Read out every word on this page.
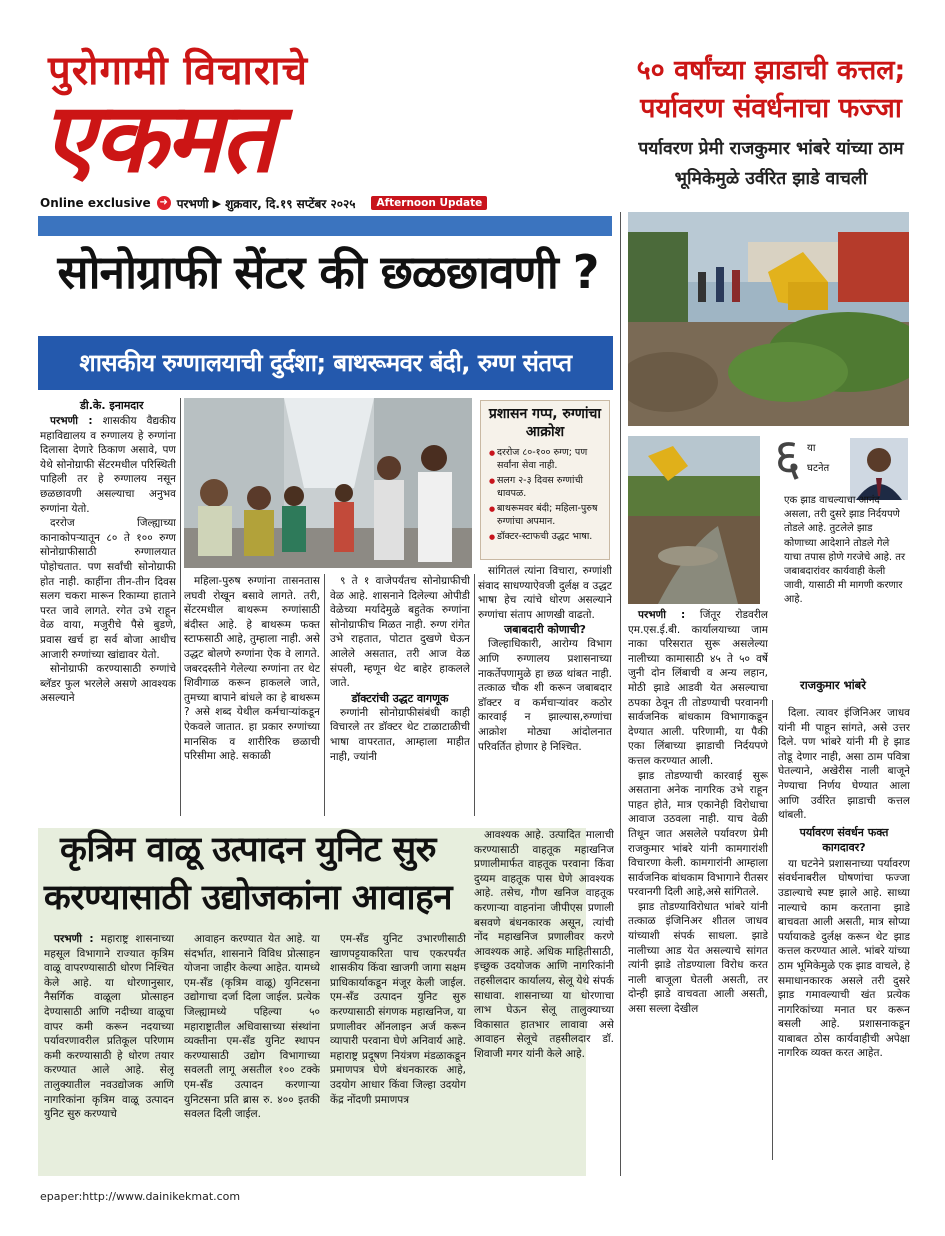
पुरोगामी विचाराचे
एकमत
Online exclusive ➜ परभणी ▶ शुक्रवार, दि.१९ सप्टेंबर २०२५	Afternoon Update
सोनोग्राफी सेंटर की छळछावणी ?
शासकीय रुग्णालयाची दुर्दशा; बाथरूमवर बंदी, रुग्ण संतप्त
५० वर्षांच्या झाडाची कत्तल; पर्यावरण संवर्धनाचा फज्जा
पर्यावरण प्रेमी राजकुमार भांबरे यांच्या ठाम भूमिकेमुळे उर्वरित झाडे वाचली
६ या घटनेत
एक झाड वाचल्याचा आनंद असला, तरी दुसरे झाड निर्दयपणे तोडले आहे. तुटलेले झाड कोणाच्या आदेशाने तोडले गेले याचा तपास होणे गरजेचे आहे. तर जबाबदारांवर कार्यवाही केली जावी, यासाठी मी मागणी करणार आहे.
राजकुमार भांबरे

परभणी : जिंतूर रोडवरील एम.एस.ई.बी. कार्यालयाच्या जाम नाका परिसरात सुरू असलेल्या नालीच्या कामासाठी ४५ ते ५० वर्षे जुनी दोन लिंबाची व अन्य लहान, मोठी झाडे आडवी येत असल्याचा ठपका ठेवून ती तोडण्याची परवानगी सार्वजनिक बांधकाम विभागाकडून देण्यात आली. परिणामी, या पैकी एका लिंबाच्या झाडाची निर्दयपणे कत्तल करण्यात आली.

झाड तोडण्याची कारवाई सुरू असताना अनेक नागरिक उभे राहून पाहत होते, मात्र एकानेही विरोधाचा आवाज उठवला नाही. याच वेळी तिथून जात असलेले पर्यावरण प्रेमी राजकुमार भांबरे यांनी कामगारांशी विचारणा केली. कामगारांनी आम्हाला सार्वजनिक बांधकाम विभागाने रीतसर परवानगी दिली आहे,असे सांगितले.

झाड तोडण्याविरोधात भांबरे यांनी तत्काळ इंजिनिअर शीतल जाधव यांच्याशी संपर्क साधला. झाडे नालीच्या आड येत असल्याचे सांगत त्यांनी झाडे तोडण्याला विरोध करत नाली बाजूला घेतली असती, तर दोन्ही झाडे वाचवता आली असती, असा सल्ला देखील

दिला. त्यावर इंजिनिअर जाधव यांनी मी पाहून सांगते, असे उत्तर दिले. पण भांबरे यांनी मी हे झाड तोडू देणार नाही, असा ठाम पवित्रा घेतल्याने, अखेरीस नाली बाजूने नेण्याचा निर्णय घेण्यात आला आणि उर्वरित झाडाची कत्तल थांबली.

पर्यावरण संवर्धन फक्त कागदावर?

या घटनेने प्रशासनाच्या पर्यावरण संवर्धनाबरील घोषणांचा फज्जा उडाल्याचे स्पष्ट झाले आहे. साध्या नाल्याचे काम करताना झाडे बाचवता आली असती, मात्र सोप्या पर्यायाकडे दुर्लक्ष करून थेट झाड कत्तल करण्यात आले. भांबरे यांच्या ठाम भूमिकेमुळे एक झाड वाचले, हे समाधानकारक असले तरी दुसरे झाड गमावल्याची खंत प्रत्येक नागरिकांच्या मनात घर करून बसली आहे. प्रशासनाकडून याबाबत ठोस कार्यवाहीची अपेक्षा नागरिक व्यक्त करत आहेत.

डी.के. इनामदार

परभणी : शासकीय वैद्यकीय महाविद्यालय व रुग्णालय हे रुग्णांना दिलासा देणारे ठिकाण असावे, पण येथे सोनोग्राफी सेंटरमधील परिस्थिती पाहिली तर हे रुग्णालय नसून छळछावणी असल्याचा अनुभव रुग्णांना येतो.

दररोज जिल्ह्याच्या कानाकोपऱ्यातून ८० ते १०० रुग्ण सोनोग्राफीसाठी रुग्णालयात पोहोचतात. पण सर्वांची सोनोग्राफी होत नाही. काहींना तीन-तीन दिवस सलग चकरा मारून रिकाम्या हाताने परत जावे लागते. रगेत उभे राहून वेळ वाया, मजुरीचे पैसे बुडणे, प्रवास खर्च हा सर्व बोजा आधीच आजारी रुग्णांच्या खांद्यावर येतो.

सोनोग्राफी करण्यासाठी रुग्णांचे ब्लॅडर फुल भरलेले असणे आवश्यक असल्याने

प्रशासन गप्प, रुग्णांचा आक्रोश
● दररोज ८०-१०० रुग्ण; पण सर्वांना सेवा नाही.
● सलग २-३ दिवस रुग्णांची धावपळ.
● बाथरूमवर बंदी; महिला-पुरुष रुग्णांचा अपमान.
● डॉक्टर-स्टाफची उद्धट भाषा.

महिला-पुरुष रुग्णांना तासनतास लघवी रोखून बसावे लागते. तरी, सेंटरमधील बाथरूम रुग्णांसाठी बंदीस्त आहे. हे बाथरूम फक्त स्टाफसाठी आहे, तुम्हाला नाही. असे उद्धट बोलणे रुग्णांना ऐक वे लागते. जबरदस्तीने गेलेल्या रुग्णांना तर थेट शिवीगाळ करून हाकलले जाते, तुमच्या बापाने बांधले का हे बाथरूम ? असे शब्द येथील कर्मचाऱ्यांकडून ऐकवले जातात. हा प्रकार रुग्णांच्या मानसिक व शारीरिक छळाची परिसीमा आहे. सकाळी

९ ते १ वाजेपर्यंतच सोनोग्राफीची वेळ आहे. शासनाने दिलेल्या ओपीडी वेळेच्या मर्यादेमुळे बहुतेक रुग्णांना सोनोग्राफीच मिळत नाही. रुग्ण रांगेत उभे राहतात, पोटात दुखणे घेऊन आलेले असतात, तरी आज वेळ संपली, म्हणून थेट बाहेर हाकलले जाते.

डॉक्टरांची उद्धट वागणूक

रुग्णांनी सोनोग्राफीसंबंधी काही विचारले तर डॉक्टर थेट टाळाटाळीची भाषा वापरतात, आम्हाला माहीत नाही, ज्यांनी

सांगितलं त्यांना विचारा, रुग्णांशी संवाद साधण्याऐवजी दुर्लक्ष व उद्धट भाषा हेच त्यांचे धोरण असल्याने रुग्णांचा संताप आणखी वाढतो.

जबाबदारी कोणाची?

जिल्हाधिकारी, आरोग्य विभाग आणि रुग्णालय प्रशासनाच्या नाकर्तेपणामुळे हा छळ थांबत नाही. तत्काळ चौक शी करून जबाबदार डॉक्टर व कर्मचाऱ्यांवर कठोर कारवाई न झाल्यास,रुग्णांचा आक्रोश मोठ्या आंदोलनात परिवर्तित होणार हे निश्चित.

कृत्रिम वाळू उत्पादन युनिट सुरु करण्यासाठी उद्योजकांना आवाहन

परभणी : महाराष्ट्र शासनाच्या महसूल विभागाने राज्यात कृत्रिम वाळू वापरण्यासाठी धोरण निश्चित केले आहे. या धोरणानुसार, नैसर्गिक वाळूला प्रोत्साहन देण्यासाठी आणि नदीच्या वाळूचा वापर कमी करून नदयाच्या पर्यावरणावरील प्रतिकूल परिणाम कमी करण्यासाठी हे धोरण तयार करण्यात आले आहे. सेलू तालुक्यातील नवउद्योजक आणि नागरिकांना कृत्रिम वाळू उत्पादन युनिट सुरु करण्याचे

आवाहन करण्यात येत आहे. या संदर्भात, शासनाने विविध प्रोत्साहन योजना जाहीर केल्या आहेत. यामध्ये एम-सँड (कृत्रिम वाळू) युनिटसना उद्योगाचा दर्जा दिला जाईल. प्रत्येक जिल्ह्यामध्ये पहिल्या ५० महाराष्ट्रातील अधिवासाच्या संस्थांना व्यक्तीना एम-सँड युनिट स्थापन करण्यासाठी उद्योग विभागाच्या सवलती लागू असतील १०० टक्के एम-सँड उत्पादन करणाऱ्या युनिटसना प्रति ब्रास रु. ४०० इतकी सवलत दिली जाईल.

एम-सँड युनिट उभारणीसाठी खाणपट्टयाकरिता पाच एकरपर्यंत शासकीय किंवा खाजगी जागा सक्षम प्राधिकार्याकडून मंजूर केली जाईल. एम-सँड उत्पादन युनिट सुरु करण्यासाठी संगणक महाखनिज, या प्रणालीवर ऑनलाइन अर्ज करून व्यापारी परवाना घेणे अनिवार्य आहे. महाराष्ट्र प्रदूषण नियंत्रण मंडळाकडून प्रमाणपत्र घेणे बंधनकारक आहे, उदयोग आधार किंवा जिल्हा उदयोग केंद्र नोंदणी प्रमाणपत्र

आवश्यक आहे. उत्पादित मालाची करण्यासाठी वाहतूक महाखनिज प्रणालीमार्फत वाहतूक परवाना किंवा दुय्यम वाहतूक पास घेणे आवश्यक आहे. तसेच, गौण खनिज वाहतूक करणाऱ्या वाहनांना जीपीएस प्रणाली बसवणे बंधनकारक असून, त्यांची नोंद महाखनिज प्रणालीवर करणे आवश्यक आहे. अधिक माहितीसाठी, इच्छुक उदयोजक आणि नागरिकांनी तहसीलदार कार्यालय, सेलू येथे संपर्क साधावा. शासनाच्या या धोरणाचा लाभ घेऊन सेलू तालुक्याच्या विकासात हातभार लावावा असे आवाहन सेलूचे तहसीलदार डॉ. शिवाजी मगर यांनी केले आहे.

epaper:http://www.dainikekmat.com
